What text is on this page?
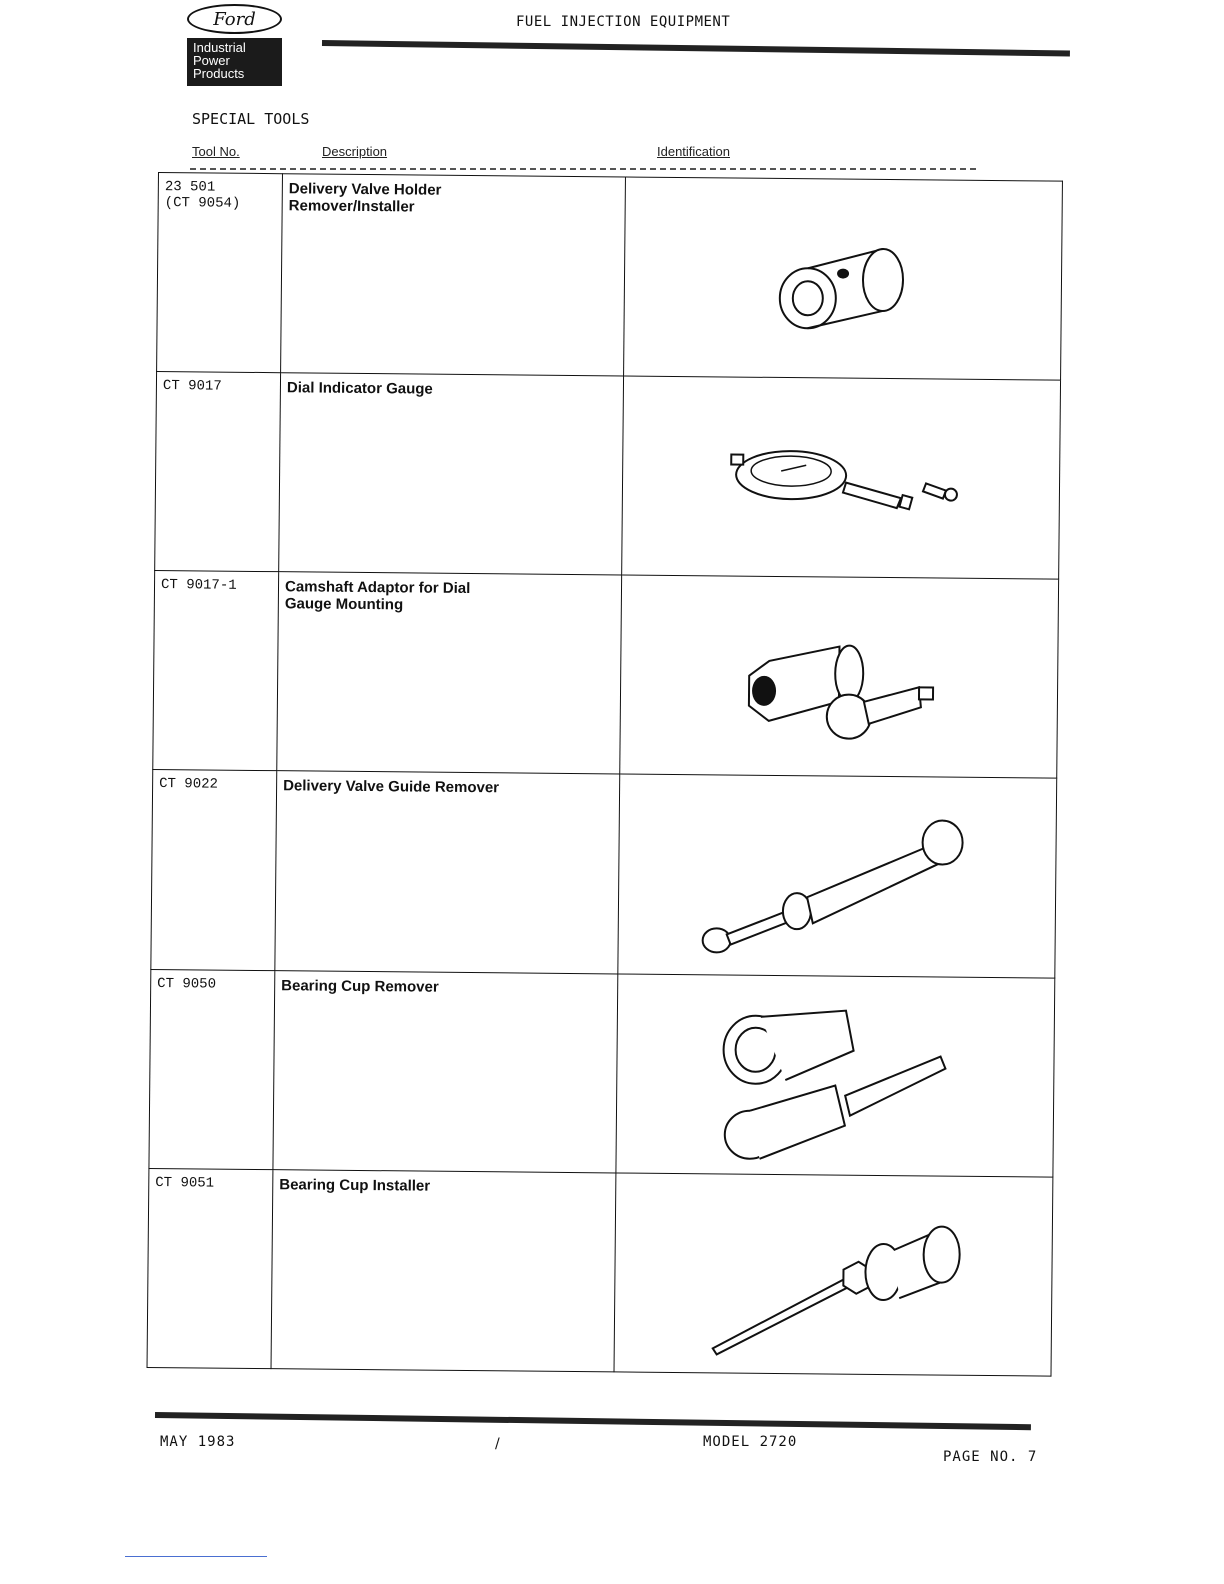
Ford
Industrial
Power
Products
FUEL INJECTION EQUIPMENT
SPECIAL TOOLS
Tool No.	Description	Identification
23 501
(CT 9054)	Delivery Valve Holder
Remover/Installer	

CT 9017	Dial Indicator Gauge	

CT 9017-1	Camshaft Adaptor for Dial
Gauge Mounting	

CT 9022	Delivery Valve Guide Remover	

CT 9050	Bearing Cup Remover	

CT 9051	Bearing Cup Installer	
MAY 1983	/	MODEL 2720
PAGE NO. 7
